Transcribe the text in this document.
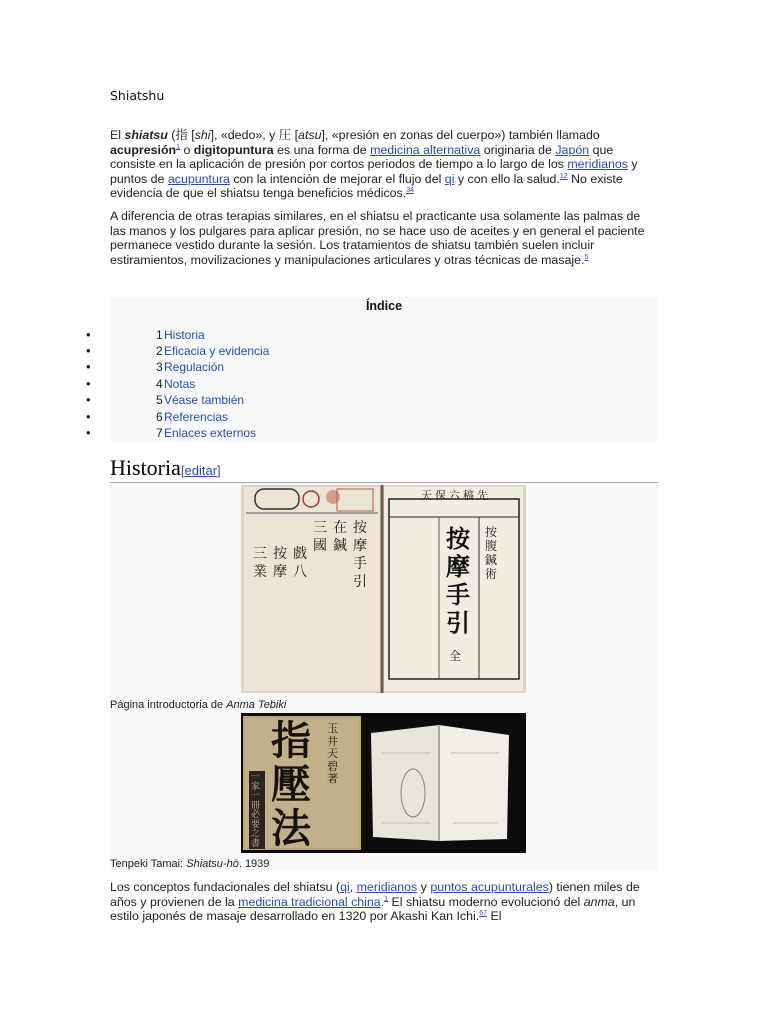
Shiatshu
El shiatsu (指 [shi], «dedo», y 圧 [atsu], «presión en zonas del cuerpo») también llamado acupresión$^1$ o digitopuntura es una forma de medicina alternativa originaria de Japón que consiste en la aplicación de presión por cortos periodos de tiempo a lo largo de los meridianos y puntos de acupuntura con la intención de mejorar el flujo del qi y con ello la salud.$^{12}$ No existe evidencia de que el shiatsu tenga beneficios médicos.$^{34}$
A diferencia de otras terapias similares, en el shiatsu el practicante usa solamente las palmas de las manos y los pulgares para aplicar presión, no se hace uso de aceites y en general el paciente permanece vestido durante la sesión. Los tratamientos de shiatsu también suelen incluir estiramientos, movilizaciones y manipulaciones articulares y otras técnicas de masaje.$^5$
Índice
•	1 Historia
•	2 Eficacia y evidencia
•	3 Regulación
•	4 Notas
•	5 Véase también
•	6 Referencias
•	7 Enlaces externos
Historia[editar]
天保六稿先
按摩手引
按腹 鍼術
全
按摩手引
在鍼
三國
戲八
按摩
三業
Página introductoria de Anma Tebiki
指壓法
一家一冊必要之書
玉井天碧著
Tenpeki Tamai: Shiatsu-hō. 1939
Los conceptos fundacionales del shiatsu (qi, meridianos y puntos acupunturales) tienen miles de años y provienen de la medicina tradicional china.$^1$ El shiatsu moderno evolucionó del anma, un estilo japonés de masaje desarrollado en 1320 por Akashi Kan Ichi.$^{67}$ El
